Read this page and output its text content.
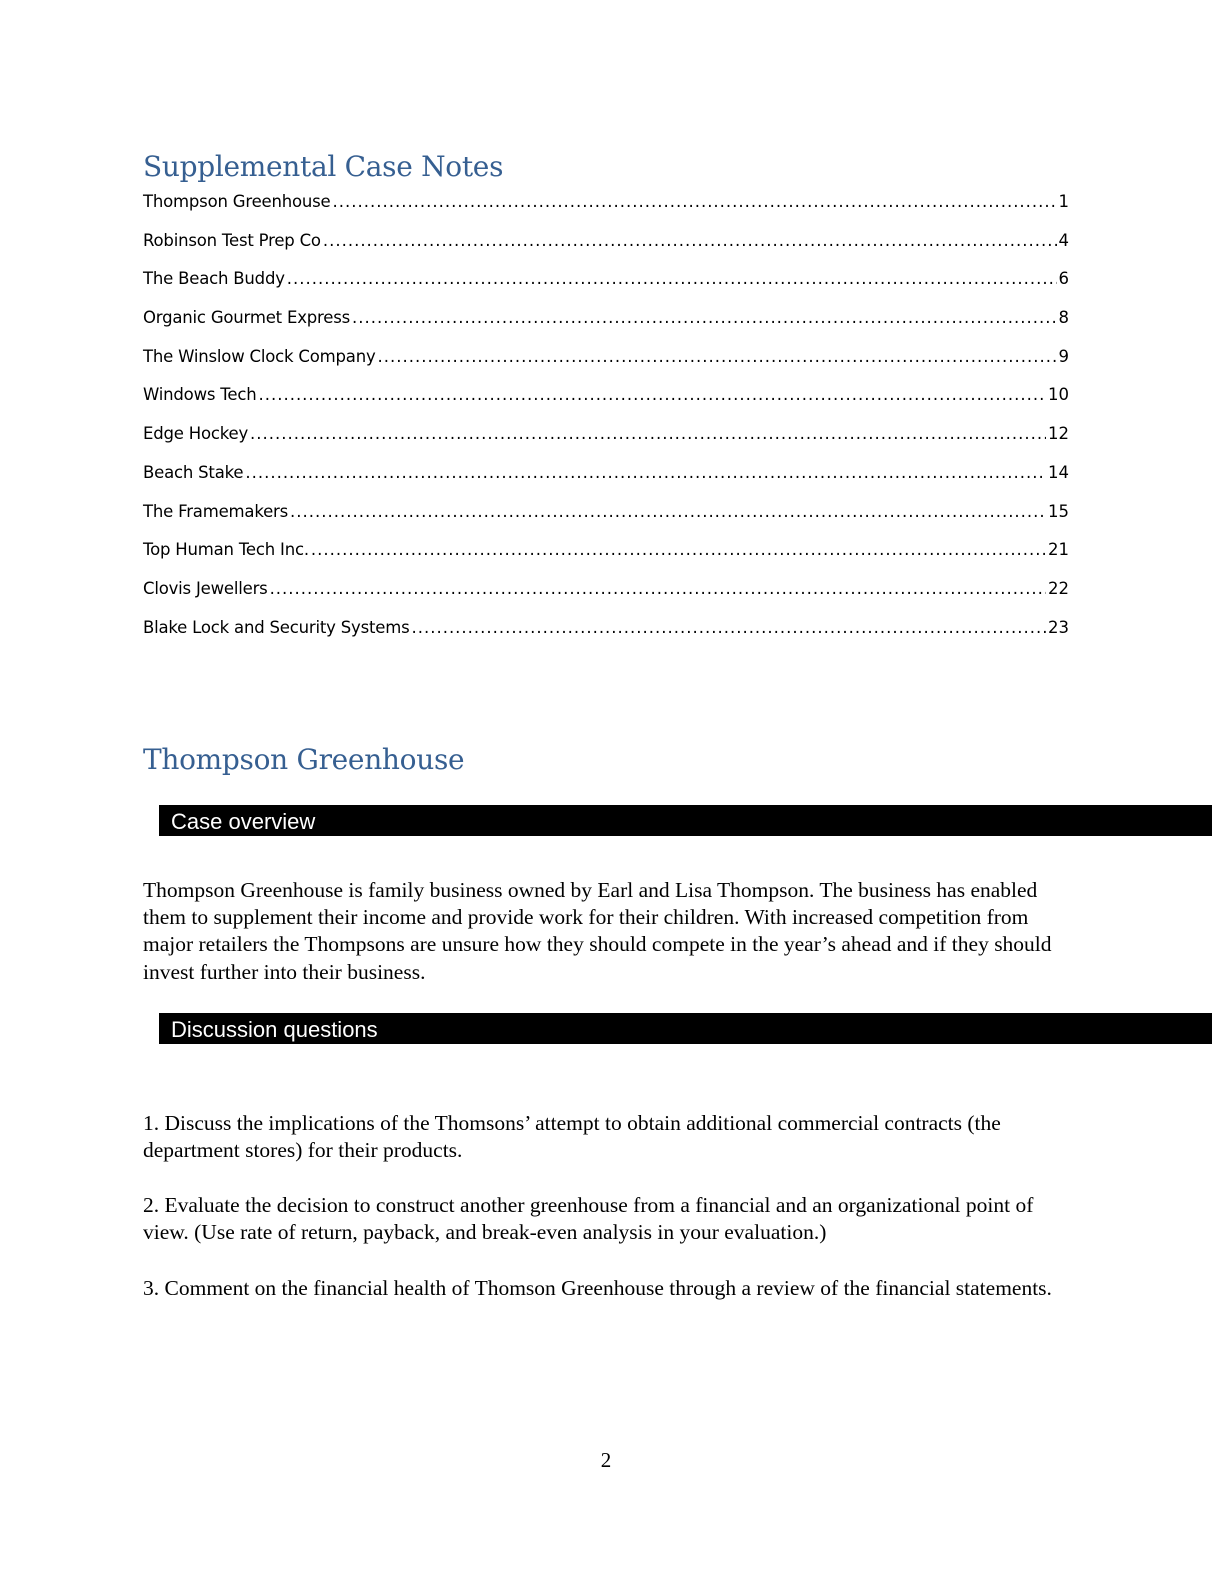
Supplemental Case Notes
Thompson Greenhouse .....	1
Robinson Test Prep Co .....	4
The Beach Buddy .....	6
Organic Gourmet Express .....	8
The Winslow Clock Company .....	9
Windows Tech .....	10
Edge Hockey .....	12
Beach Stake .....	14
The Framemakers .....	15
Top Human Tech Inc. .....	21
Clovis Jewellers .....	22
Blake Lock and Security Systems .....	23
Thompson Greenhouse
Case overview

Thompson Greenhouse is family business owned by Earl and Lisa Thompson. The business has enabled them to supplement their income and provide work for their children. With increased competition from major retailers the Thompsons are unsure how they should compete in the year’s ahead and if they should invest further into their business.

Discussion questions

1. Discuss the implications of the Thomsons’ attempt to obtain additional commercial contracts (the department stores) for their products.

2. Evaluate the decision to construct another greenhouse from a financial and an organizational point of view. (Use rate of return, payback, and break-even analysis in your evaluation.)

3. Comment on the financial health of Thomson Greenhouse through a review of the financial statements.

2
